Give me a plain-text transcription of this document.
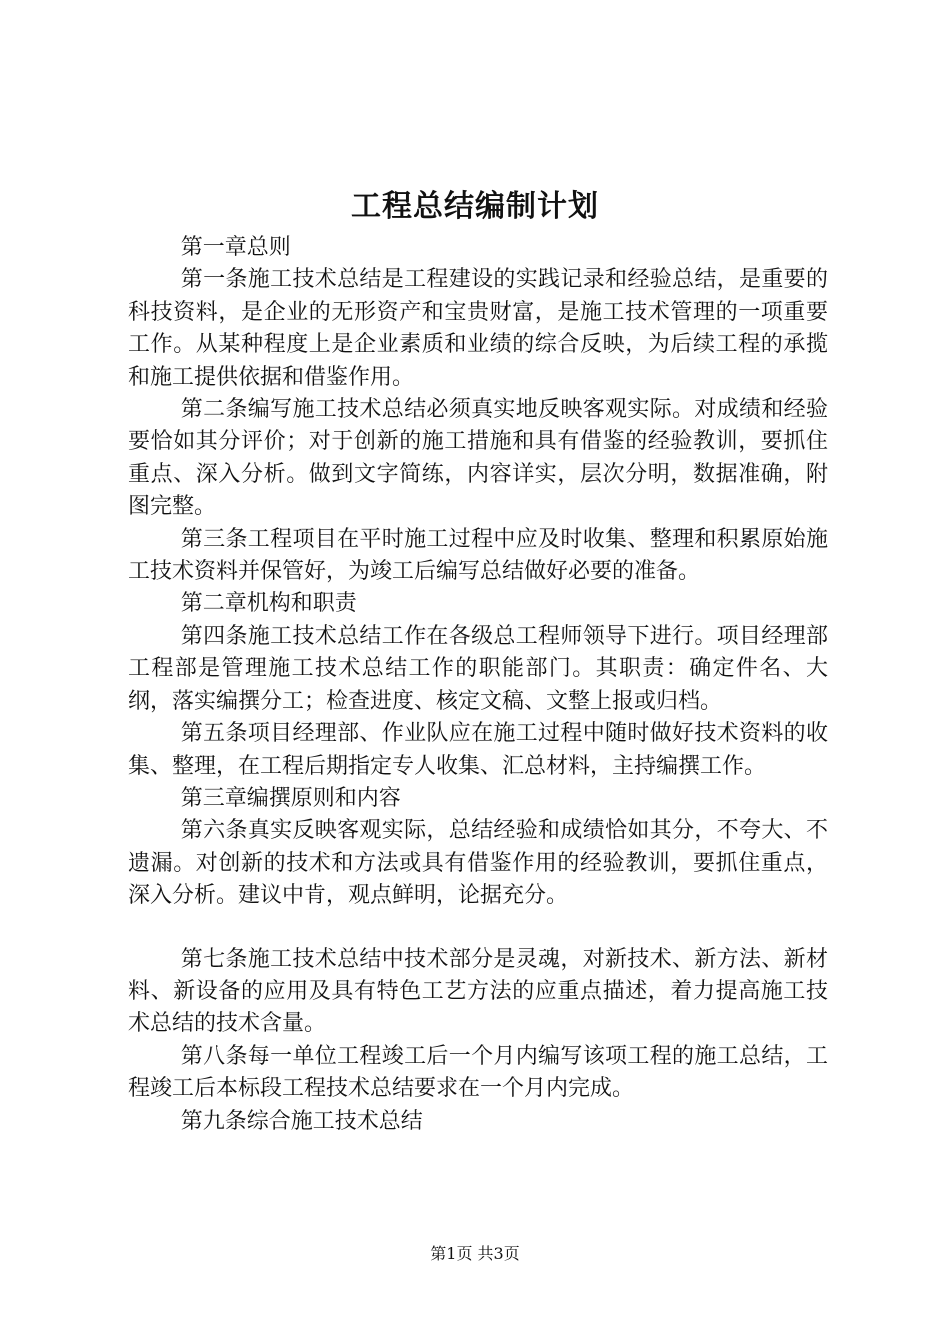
工程总结编制计划

第一章总则

第一条施工技术总结是工程建设的实践记录和经验总结，是重要的科技资料，是企业的无形资产和宝贵财富，是施工技术管理的一项重要工作。从某种程度上是企业素质和业绩的综合反映，为后续工程的承揽和施工提供依据和借鉴作用。

第二条编写施工技术总结必须真实地反映客观实际。对成绩和经验要恰如其分评价；对于创新的施工措施和具有借鉴的经验教训，要抓住重点、深入分析。做到文字简练，内容详实，层次分明，数据准确，附图完整。

第三条工程项目在平时施工过程中应及时收集、整理和积累原始施工技术资料并保管好，为竣工后编写总结做好必要的准备。

第二章机构和职责

第四条施工技术总结工作在各级总工程师领导下进行。项目经理部工程部是管理施工技术总结工作的职能部门。其职责：确定件名、大纲，落实编撰分工；检查进度、核定文稿、文整上报或归档。

第五条项目经理部、作业队应在施工过程中随时做好技术资料的收集、整理，在工程后期指定专人收集、汇总材料，主持编撰工作。

第三章编撰原则和内容

第六条真实反映客观实际，总结经验和成绩恰如其分，不夸大、不遗漏。对创新的技术和方法或具有借鉴作用的经验教训，要抓住重点，深入分析。建议中肯，观点鲜明，论据充分。

第七条施工技术总结中技术部分是灵魂，对新技术、新方法、新材料、新设备的应用及具有特色工艺方法的应重点描述，着力提高施工技术总结的技术含量。

第八条每一单位工程竣工后一个月内编写该项工程的施工总结，工程竣工后本标段工程技术总结要求在一个月内完成。

第九条综合施工技术总结

第1页 共3页
